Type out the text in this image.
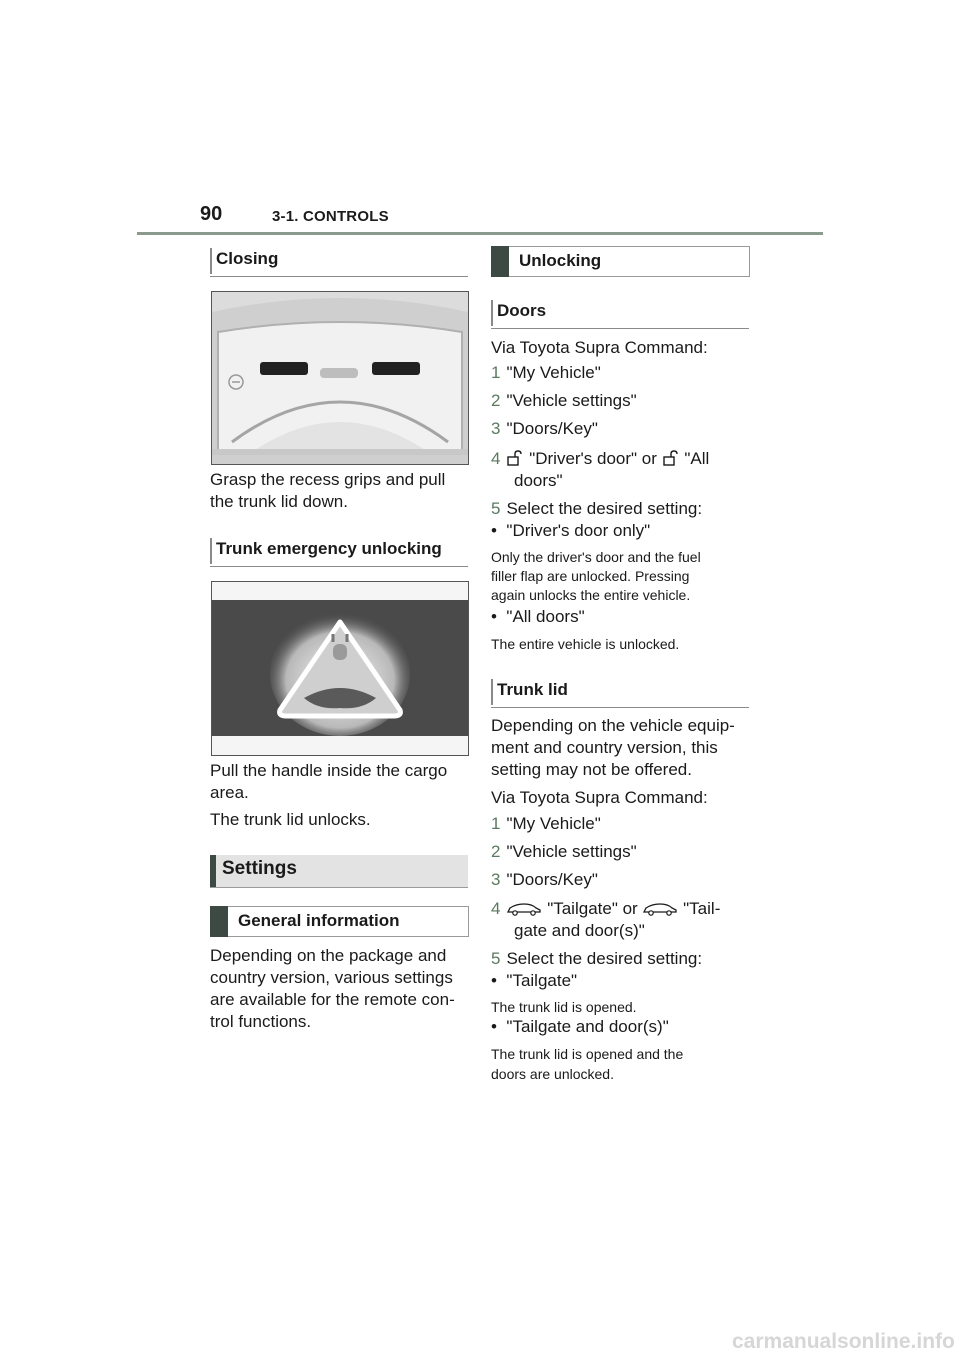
90	3-1. CONTROLS
Closing
Grasp the recess grips and pull
the trunk lid down.
Trunk emergency unlocking
Pull the handle inside the cargo
area.
The trunk lid unlocks.
Settings
General information
Depending on the package and
country version, various settings
are available for the remote con-
trol functions.
Unlocking
Doors
Via Toyota Supra Command:
1 "My Vehicle"
2 "Vehicle settings"
3 "Doors/Key"
4 "Driver's door" or  "All
doors"
5 Select the desired setting:
•  "Driver's door only"
Only the driver's door and the fuel
filler flap are unlocked. Pressing
again unlocks the entire vehicle.
•  "All doors"
The entire vehicle is unlocked.
Trunk lid
Depending on the vehicle equip-
ment and country version, this
setting may not be offered.
Via Toyota Supra Command:
1 "My Vehicle"
2 "Vehicle settings"
3 "Doors/Key"
4 "Tailgate" or  "Tail-
gate and door(s)"
5 Select the desired setting:
•  "Tailgate"
The trunk lid is opened.
•  "Tailgate and door(s)"
The trunk lid is opened and the
doors are unlocked.
carmanualsonline.info
